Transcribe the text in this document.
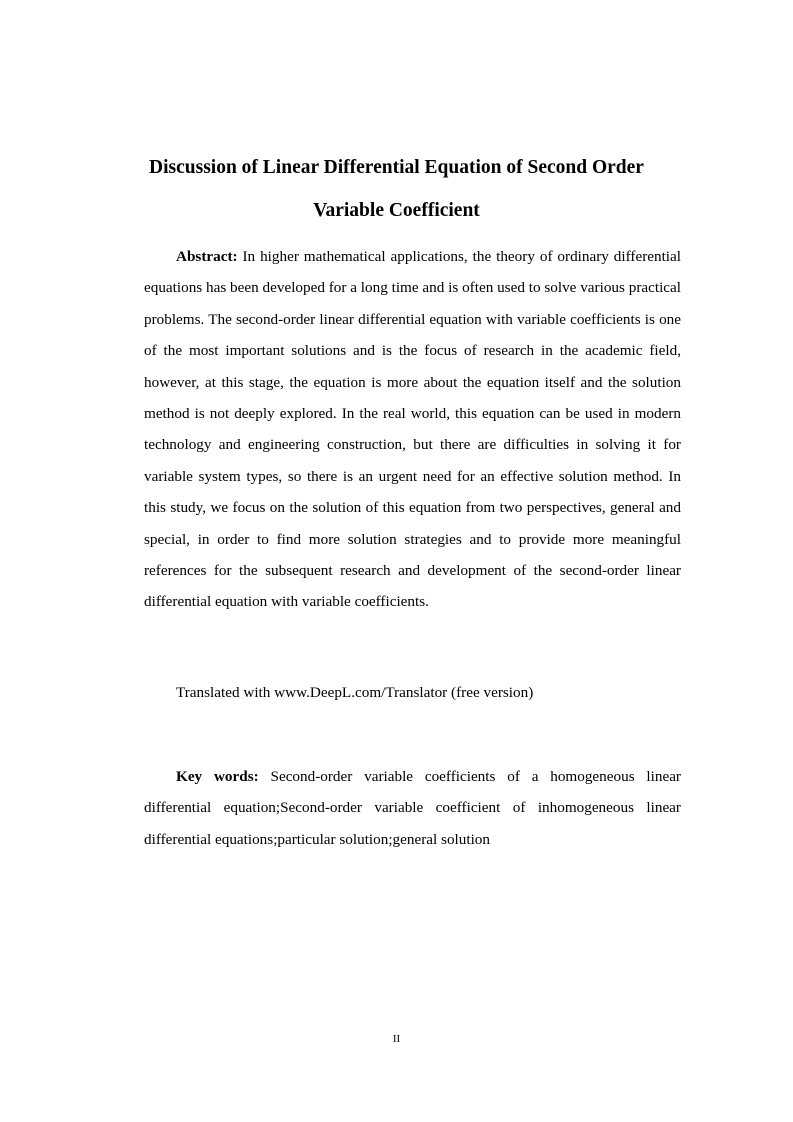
Discussion of Linear Differential Equation of Second Order
Variable Coefficient

Abstract: In higher mathematical applications, the theory of ordinary differential equations has been developed for a long time and is often used to solve various practical problems. The second-order linear differential equation with variable coefficients is one of the most important solutions and is the focus of research in the academic field, however, at this stage, the equation is more about the equation itself and the solution method is not deeply explored. In the real world, this equation can be used in modern technology and engineering construction, but there are difficulties in solving it for variable system types, so there is an urgent need for an effective solution method. In this study, we focus on the solution of this equation from two perspectives, general and special, in order to find more solution strategies and to provide more meaningful references for the subsequent research and development of the second-order linear differential equation with variable coefficients.

Translated with www.DeepL.com/Translator (free version)

Key words: Second-order variable coefficients of a homogeneous linear differential equation;Second-order variable coefficient of inhomogeneous linear differential equations;particular solution;general solution

II
